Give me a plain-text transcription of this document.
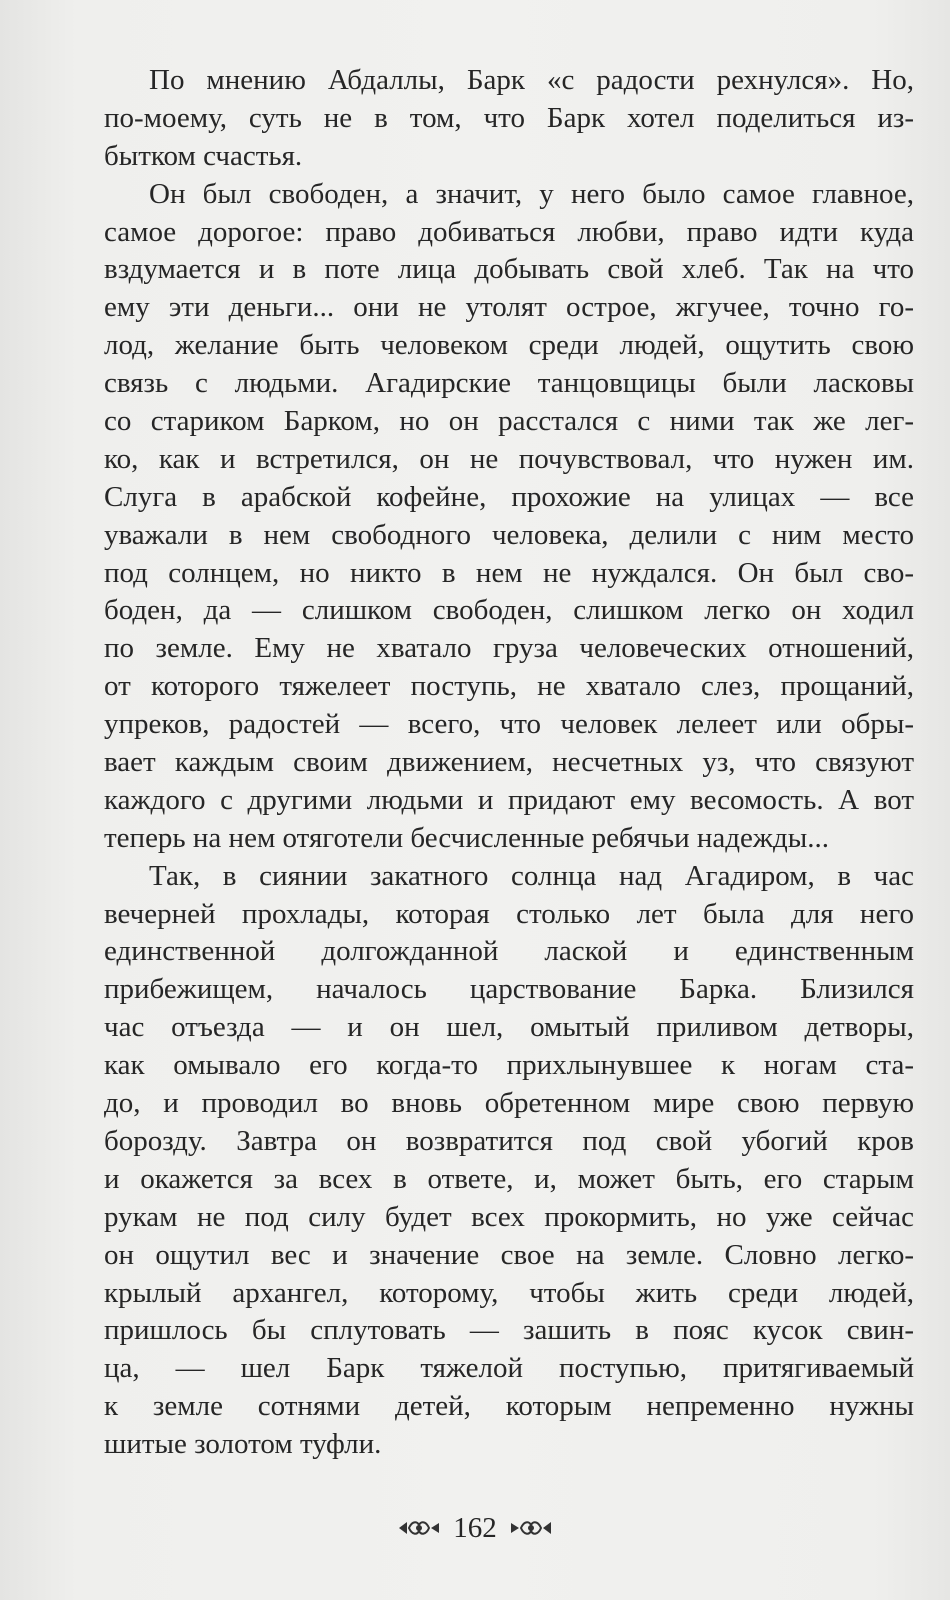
По мнению Абдаллы, Барк «с радости рехнулся». Но,
по-моему, суть не в том, что Барк хотел поделиться из-
бытком счастья.
Он был свободен, а значит, у него было самое главное,
самое дорогое: право добиваться любви, право идти куда
вздумается и в поте лица добывать свой хлеб. Так на что
ему эти деньги... они не утолят острое, жгучее, точно го-
лод, желание быть человеком среди людей, ощутить свою
связь с людьми. Агадирские танцовщицы были ласковы
со стариком Барком, но он расстался с ними так же лег-
ко, как и встретился, он не почувствовал, что нужен им.
Слуга в арабской кофейне, прохожие на улицах — все
уважали в нем свободного человека, делили с ним место
под солнцем, но никто в нем не нуждался. Он был сво-
боден, да — слишком свободен, слишком легко он ходил
по земле. Ему не хватало груза человеческих отношений,
от которого тяжелеет поступь, не хватало слез, прощаний,
упреков, радостей — всего, что человек лелеет или обры-
вает каждым своим движением, несчетных уз, что связуют
каждого с другими людьми и придают ему весомость. А вот
теперь на нем отяготели бесчисленные ребячьи надежды...
Так, в сиянии закатного солнца над Агадиром, в час
вечерней прохлады, которая столько лет была для него
единственной долгожданной лаской и единственным
прибежищем, началось царствование Барка. Близился
час отъезда — и он шел, омытый приливом детворы,
как омывало его когда-то прихлынувшее к ногам ста-
до, и проводил во вновь обретенном мире свою первую
борозду. Завтра он возвратится под свой убогий кров
и окажется за всех в ответе, и, может быть, его старым
рукам не под силу будет всех прокормить, но уже сейчас
он ощутил вес и значение свое на земле. Словно легко-
крылый архангел, которому, чтобы жить среди людей,
пришлось бы сплутовать — зашить в пояс кусок свин-
ца, — шел Барк тяжелой поступью, притягиваемый
к земле сотнями детей, которым непременно нужны
шитые золотом туфли.
162
